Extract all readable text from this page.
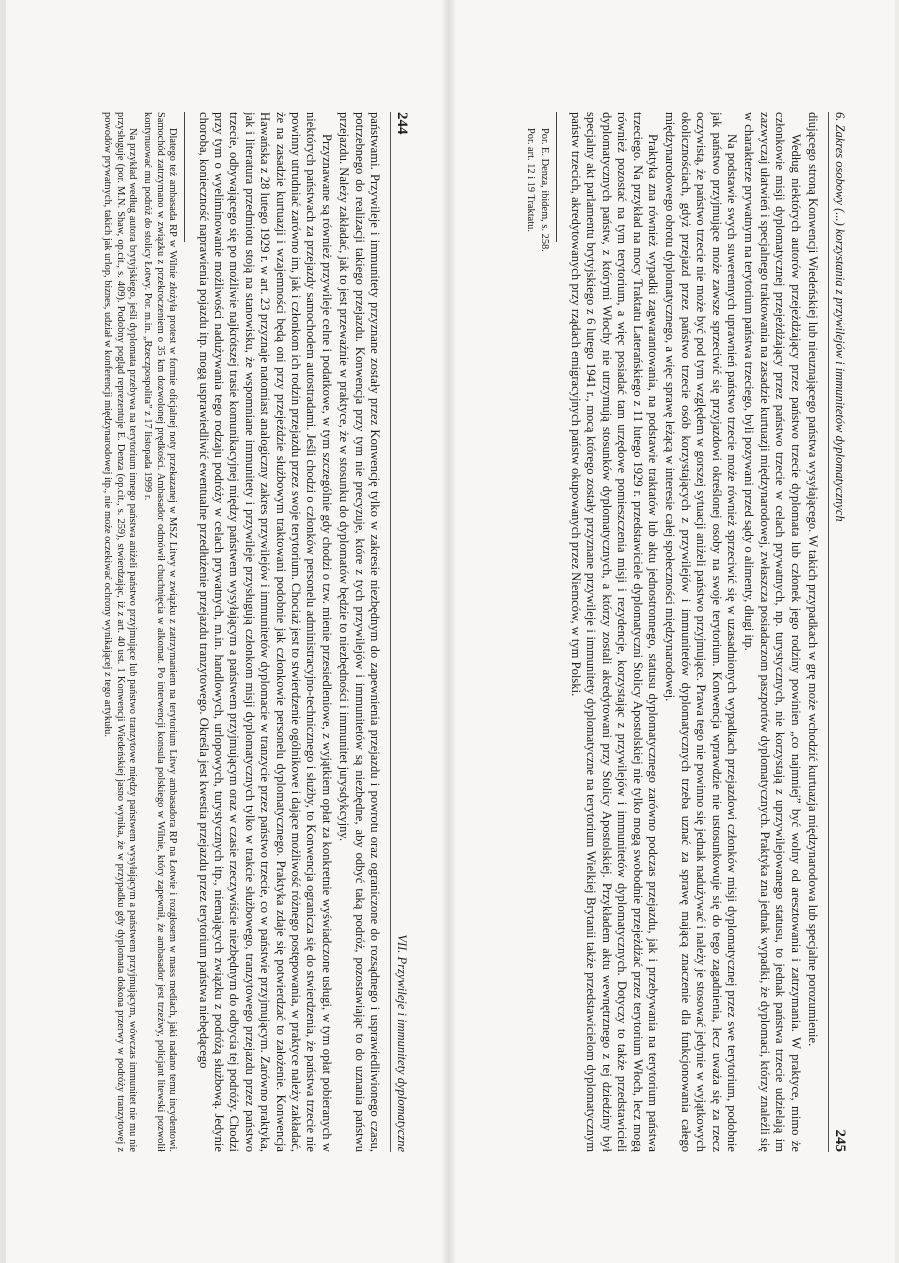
244
VII. Przywileje i immunitety dyplomatyczne

państwami. Przywileje i immunitety przyznane zostały przez Konwencję tylko w zakresie niezbędnym do zapewnienia przejazdu i powrotu oraz ograniczone do rozsądnego i usprawiedliwionego czasu, potrzebnego do realizacji takiego przejazdu. Konwencja przy tym nie precyzuje, które z tych przywilejów i immunitetów są niezbędne, aby odbyć taką podróż, pozostawiając to do uznania państwu przejazdu. Należy zakładać, jak to jest przeważnie w praktyce, że w stosunku do dyplomatów będzie to niezbędności i immunitet jurysdykcyjny.

Przyznawane są również przywileje celne i podatkowe, w tym szczególnie gdy chodzi o tzw. mienie przesiedleniowe, z wyjątkiem opłat za konkretnie wyświadczone usługi, w tym opłat pobieranych w niektórych państwach za przejazdy samochodem autostradami. Jeśli chodzi o członków personelu administracyjno-technicznego i służby, to Konwencja ogranicza się do stwierdzenia, że państwa trzecie nie powinny utrudniać zarówno im, jak i członkom ich rodzin przejazdu przez swoje terytorium. Chociaż jest to stwierdzenie ogólnikowe i dające możliwość różnego postępowania, w praktyce należy zakładać, że na zasadzie kurtuazji i wzajemności będą oni przy przejeździe służbowym traktowani podobnie jak członkowie personelu dyplomatycznego. Praktyka zdaje się potwierdzać to założenie. Konwencja Hawańska z 28 lutego 1929 r. w art. 23 przyznaje natomiast analogiczny zakres przywilejów i immunitetów dyplomacie w tranzycie przez państwo trzecie, co w państwie przyjmującym. Zarówno praktyka, jak i literatura przedmiotu stoją na stanowisku, że wspomniane immunitety i przywileje przysługują członkom misji dyplomatycznych tylko w trakcie służbowego, tranzytowego przejazdu przez państwo trzecie, odbywającego się po możliwie najkrótszej trasie komunikacyjnej między państwem wysyłającym a państwem przyjmującym oraz w czasie rzeczywiście niezbędnym do odbycia tej podróży. Chodzi przy tym o wyeliminowanie możliwości nadużywania tego rodzaju podróży w celach prywatnych, m.in. handlowych, urlopowych, turystycznych itp., niemających związku z podróżą służbową. Jedynie choroba, konieczność naprawienia pojazdu itp. mogą usprawiedliwić ewentualne przedłużenie przejazdu tranzytowego. Określa jest kwestia przejazdu przez terytorium państwa niebędącego

Dlatego też ambasada RP w Wilnie złożyła protest w formie oficjalnej noty przekazanej w MSZ Litwy w związku z zatrzymaniem na terytorium Litwy ambasadora RP na Łotwie i rozgłosem w mass mediach, jaki nadano temu incydentowi. Samochód zatrzymano w związku z przekroczeniem o 35 km dozwolonej prędkości. Ambasador odmówił chuchnięcia w alkomat. Po interwencji konsula polskiego w Wilnie, który zapewnił, że ambasador jest trzeźwy, policjant litewski pozwolił kontynuować mu podróż do stolicy Łotwy. Por. m.in. „Rzeczpospolita” z 17 listopada 1999 r.

Na przykład według autora brytyjskiego, jeśli dyplomata przebywa na terytorium innego państwa aniżeli państwo przyjmujące lub państwo tranzytowe między państwem wysyłającym a państwem przyjmującym, wówczas immunitet nie mu nie przysługuje (por. M.N. Shaw, op.cit., s. 409). Podobny pogląd reprezentuje E. Denza (op.cit., s. 259), stwierdzając, iż z art. 40 ust. 1 Konwencji Wiedeńskiej jasno wynika, że w przypadku gdy dyplomata dokona przerwy w podróży tranzytowej z powodów prywatnych, takich jak urlop, biznes, udział w konferencji międzynarodowej itp., nie może oczekiwać ochrony wynikającej z tego artykułu.	6. Zakres osobowy (...) korzystania z przywilejów i immunitetów dyplomatycznych
245

diującego stroną Konwencji Wiedeńskiej lub nieuznającego państwa wysyłającego. W takich przypadkach w grę może wchodzić kurtuazja międzynarodowa lub specjalne porozumienie.

Według niektórych autorów przejeżdżający przez państwo trzecie dyplomata lub członek jego rodziny powinien „co najmniej” być wolny od aresztowania i zatrzymania. W praktyce, mimo że członkowie misji dyplomatycznej przejeżdżający przez państwo trzecie w celach prywatnych, np. turystycznych, nie korzystają z uprzywilejowanego statusu, to jednak państwa trzecie udzielają im zazwyczaj ułatwień i specjalnego traktowania na zasadzie kurtuazji międzynarodowej, zwłaszcza posiadaczom paszportów dyplomatycznych. Praktyka zna jednak wypadki, że dyplomaci, którzy znaleźli się w charakterze prywatnym na terytorium państwa trzeciego, byli pozywani przed sądy o alimenty, długi itp.

Na podstawie swych suwerennych uprawnień państwo trzecie może również sprzeciwić się w uzasadnionych wypadkach przejazdowi członków misji dyplomatycznej przez swe terytorium, podobnie jak państwo przyjmujące może zawsze sprzeciwić się przyjazdowi określonej osoby na swoje terytorium. Konwencja wprawdzie nie ustosunkowuje się do tego zagadnienia, lecz uważa się za rzecz oczywistą, że państwo trzecie nie może być pod tym względem w gorszej sytuacji aniżeli państwo przyjmujące. Prawa tego nie powinno się jednak nadużywać i należy je stosować jedynie w wyjątkowych okolicznościach, gdyż przejazd przez państwo trzecie osób korzystających z przywilejów i immunitetów dyplomatycznych trzeba uznać za sprawę mającą znaczenie dla funkcjonowania całego międzynarodowego obrotu dyplomatycznego, a więc sprawę leżącą w interesie całej społeczności międzynarodowej.

Praktyka zna również wypadki zagwarantowania, na podstawie traktatów lub aktu jednostronnego, statusu dyplomatycznego zarówno podczas przejazdu, jak i przebywania na terytorium państwa trzeciego. Na przykład na mocy Traktatu Laterańskiego z 11 lutego 1929 r. przedstawiciele dyplomatyczni Stolicy Apostolskiej nie tylko mogą swobodnie przejeżdżać przez terytorium Włoch, lecz mogą również pozostać na tym terytorium, a więc posiadać tam urzędowe pomieszczenia misji i rezydencje, korzystając z przywilejów i immunitetów dyplomatycznych. Dotyczy to także przedstawicieli dyplomatycznych państw, z którymi Włochy nie utrzymują stosunków dyplomatycznych, a którzy zostali akredytowani przy Stolicy Apostolskiej. Przykładem aktu wewnętrznego z tej dziedziny był specjalny akt parlamentu brytyjskiego z 6 lutego 1941 r., mocą którego zostały przyznane przywileje i immunitety dyplomatyczne na terytorium Wielkiej Brytanii także przedstawicielom dyplomatycznym państw trzecich, akredytowanych przy rządach emigracyjnych państw okupowanych przez Niemców, w tym Polski.

Por. E. Denza, ibidem, s. 258.

Por. art. 12 i 19 Traktatu.
